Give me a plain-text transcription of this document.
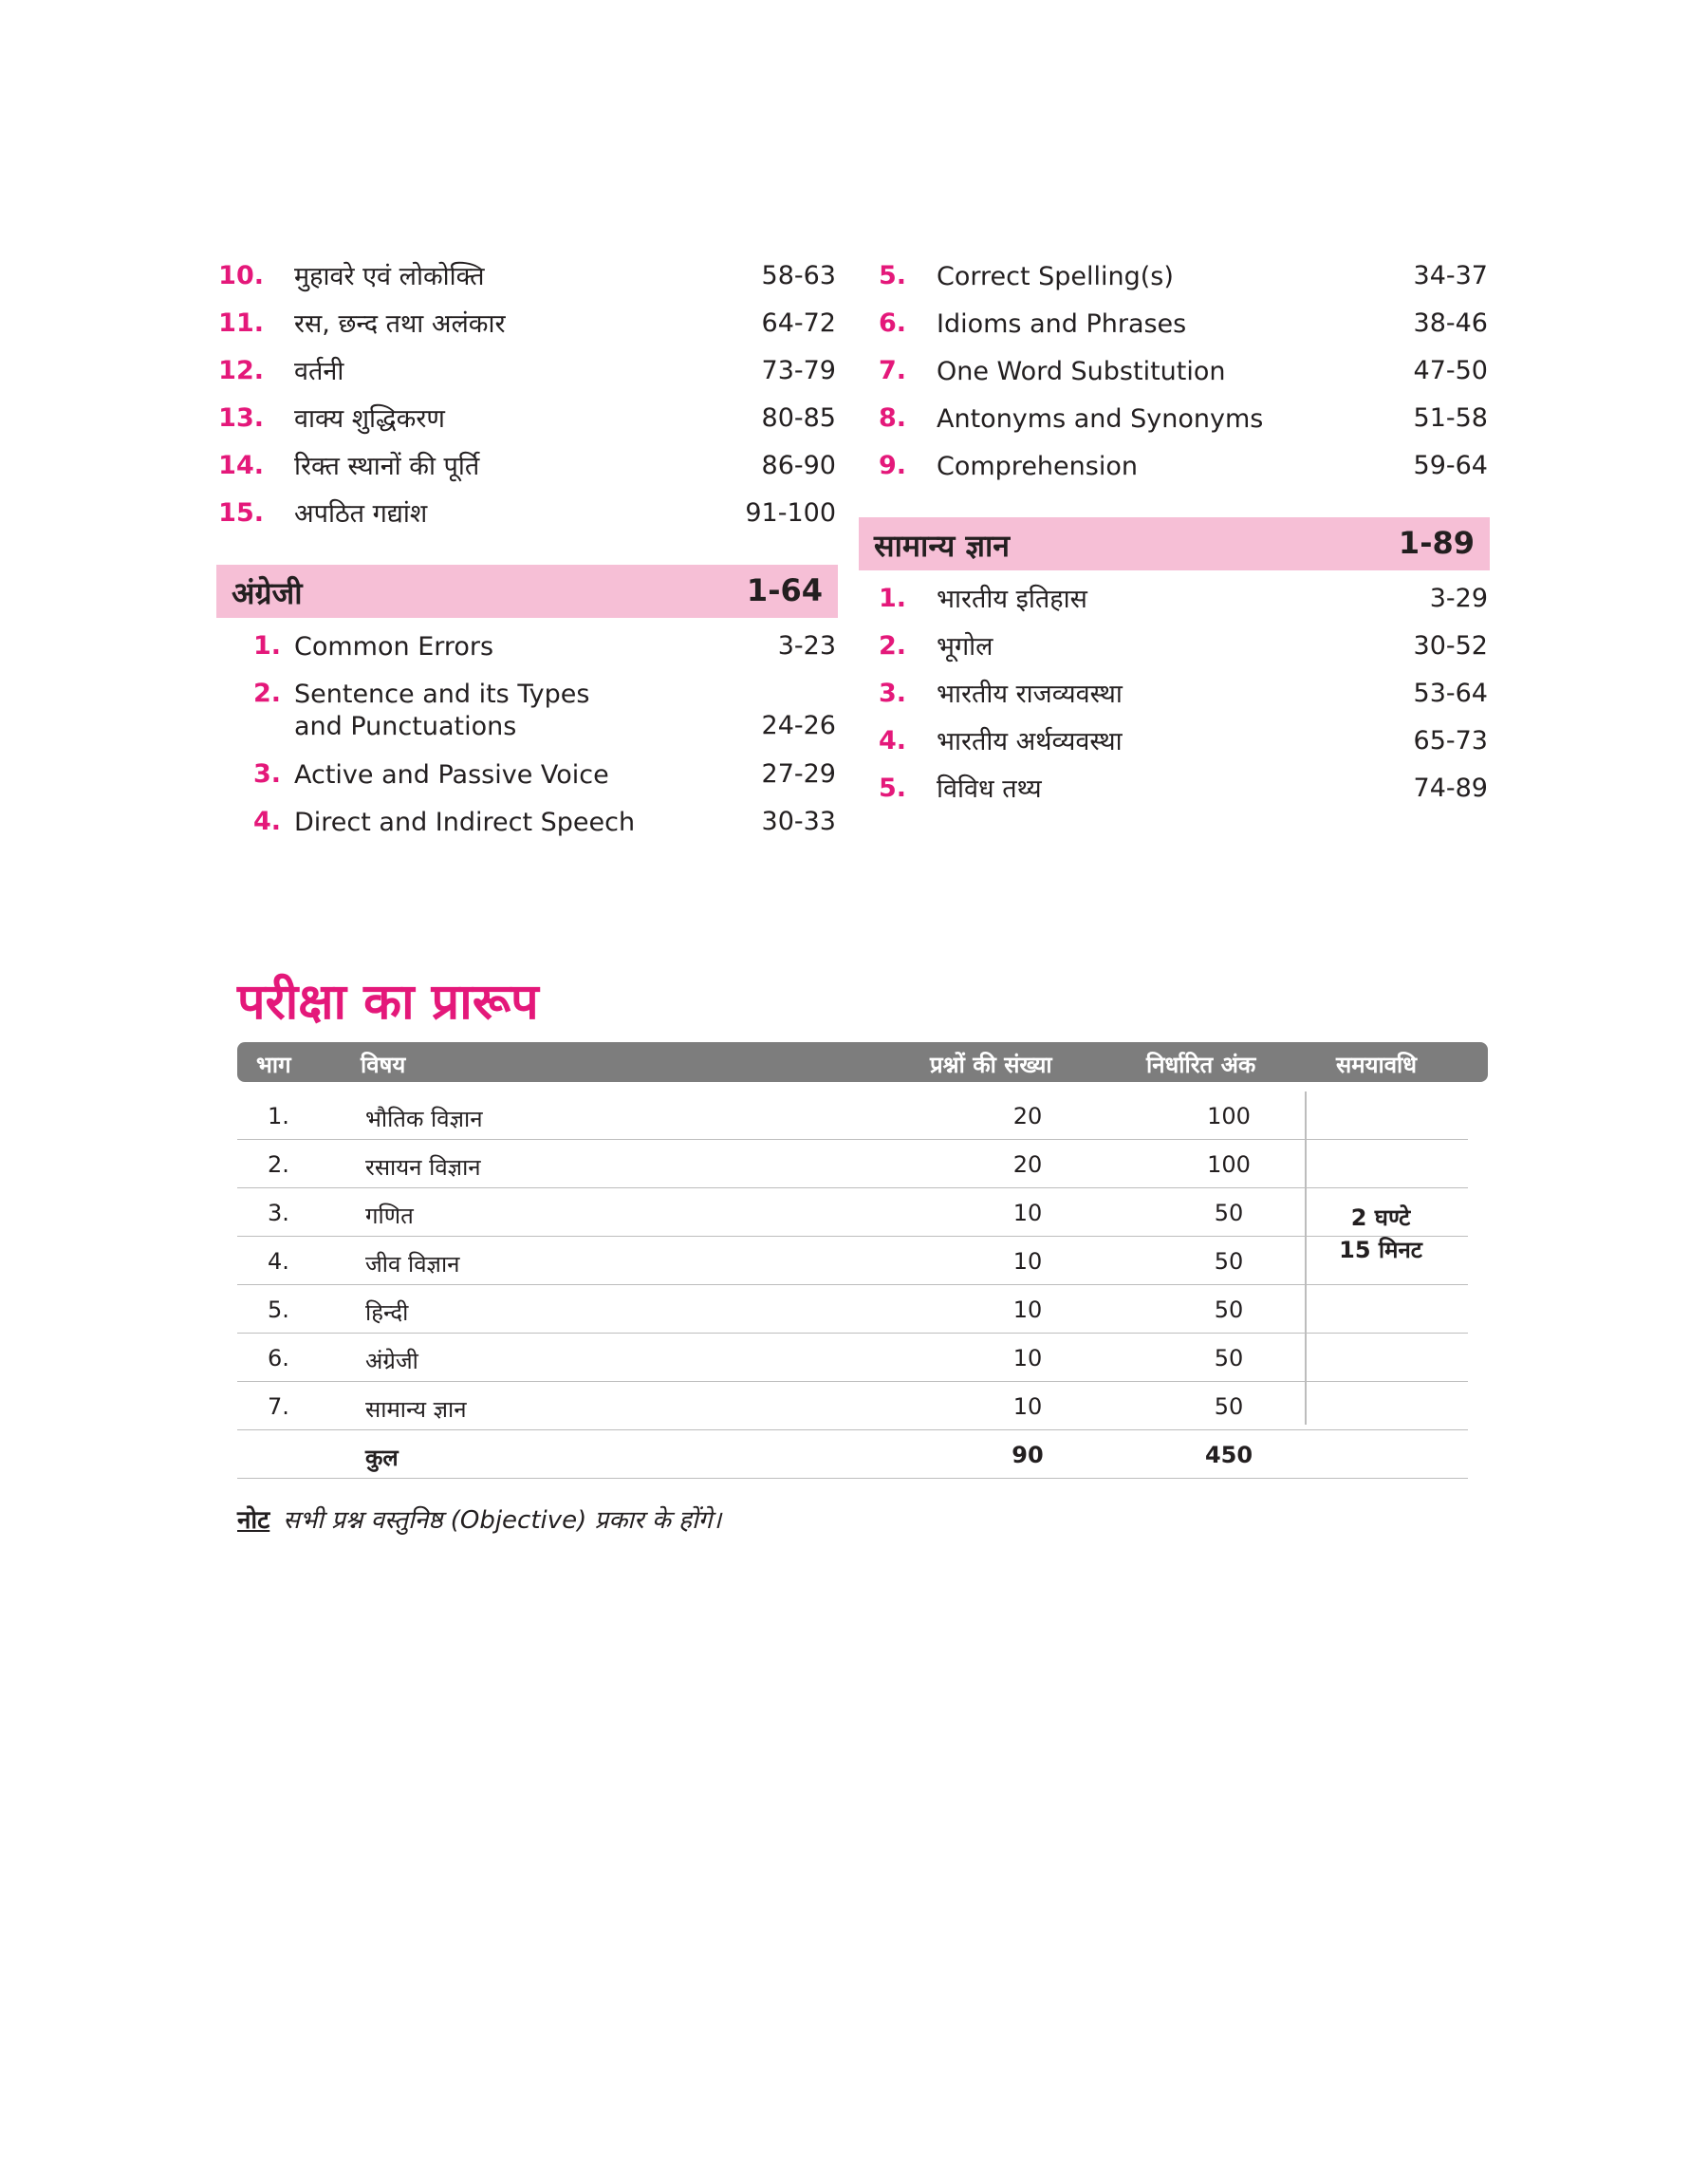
10. मुहावरे एवं लोकोक्ति	58-63
11. रस, छन्द तथा अलंकार	64-72
12. वर्तनी	73-79
13. वाक्य शुद्धिकरण	80-85
14. रिक्त स्थानों की पूर्ति	86-90
15. अपठित गद्यांश	91-100
अंग्रेजी	1-64
1. Common Errors	3-23
2. Sentence and its Types
and Punctuations	24-26
3. Active and Passive Voice	27-29
4. Direct and Indirect Speech	30-33
5. Correct Spelling(s)	34-37
6. Idioms and Phrases	38-46
7. One Word Substitution	47-50
8. Antonyms and Synonyms	51-58
9. Comprehension	59-64
सामान्य ज्ञान	1-89
1. भारतीय इतिहास	3-29
2. भूगोल	30-52
3. भारतीय राजव्यवस्था	53-64
4. भारतीय अर्थव्यवस्था	65-73
5. विविध तथ्य	74-89
परीक्षा का प्रारूप
भाग	विषय	प्रश्नों की संख्या	निर्धारित अंक	समयावधि
2 घण्टे
15 मिनट
1.	भौतिक विज्ञान	20	100
2.	रसायन विज्ञान	20	100
3.	गणित	10	50
4.	जीव विज्ञान	10	50
5.	हिन्दी	10	50
6.	अंग्रेजी	10	50
7.	सामान्य ज्ञान	10	50
कुल	90	450
नोट सभी प्रश्न वस्तुनिष्ठ (Objective) प्रकार के होंगे।
